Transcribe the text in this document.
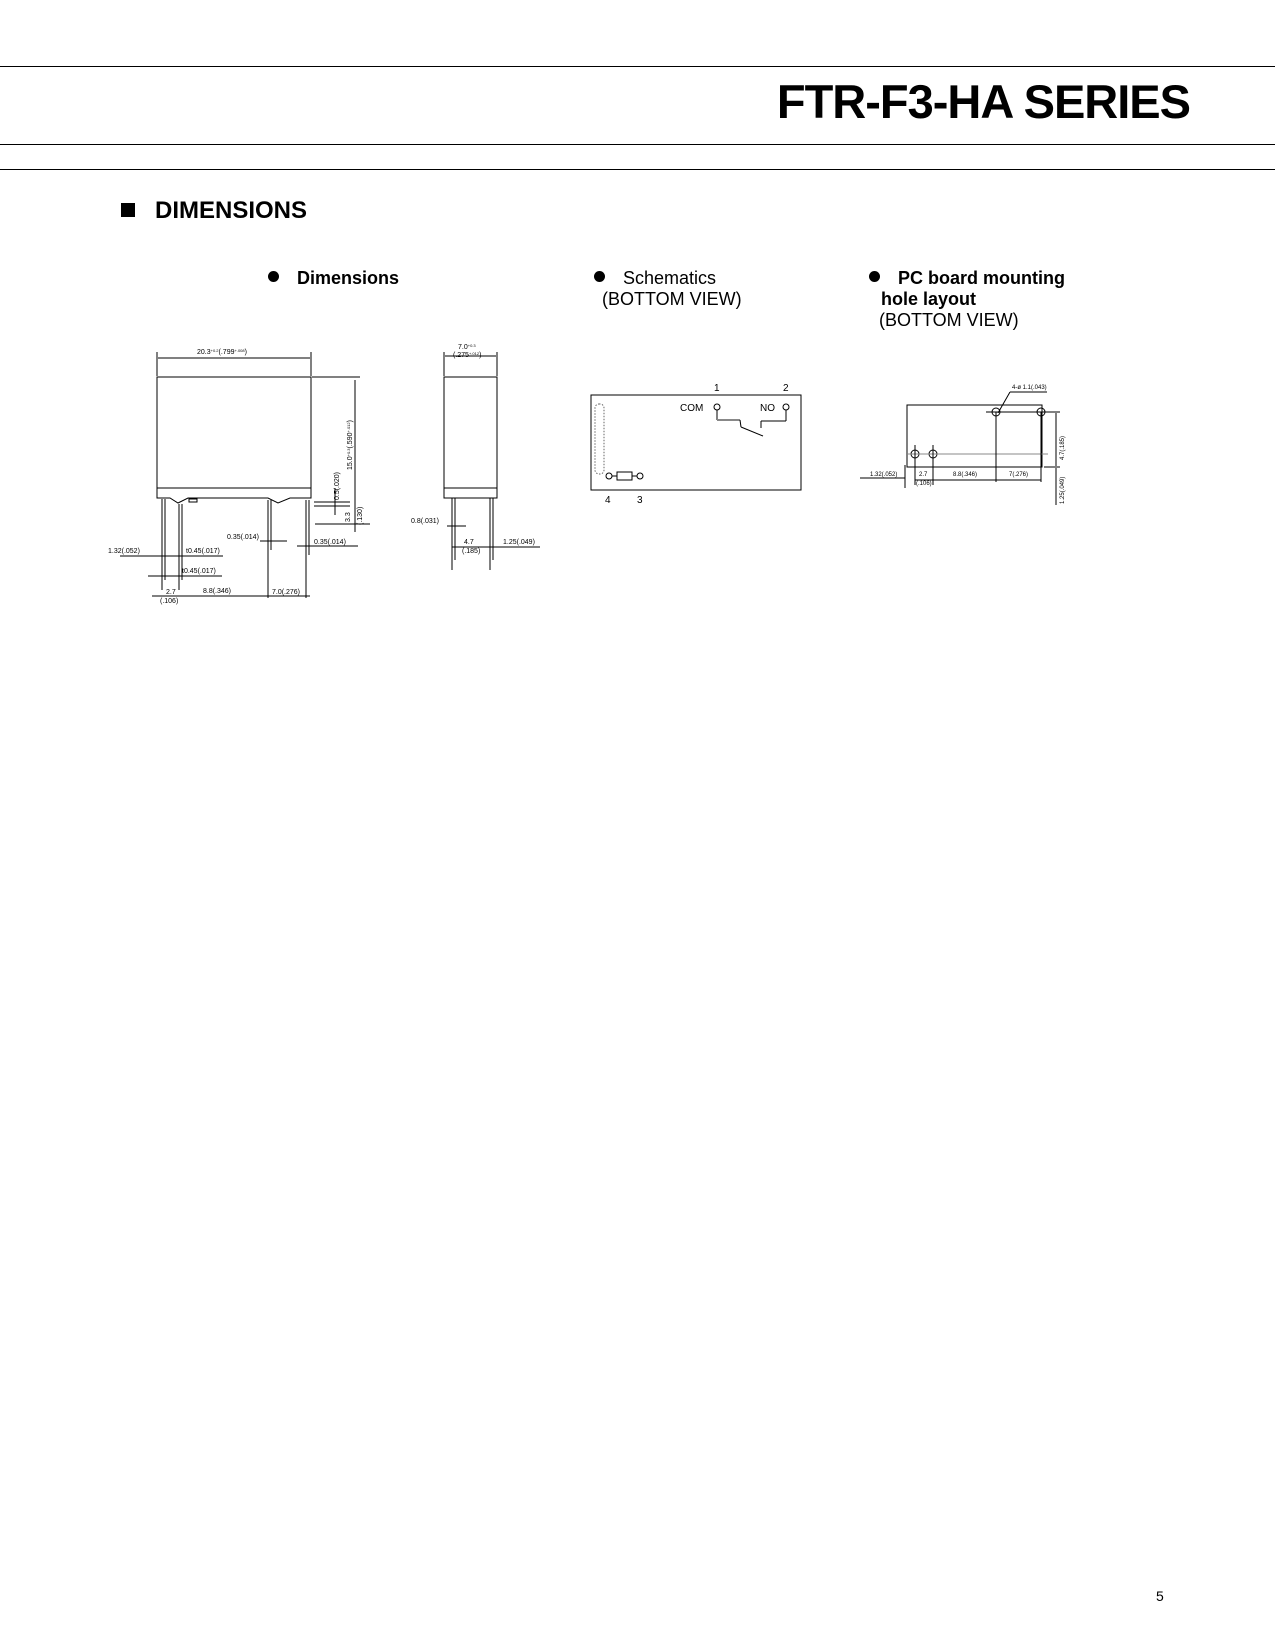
FTR-F3-HA SERIES
DIMENSIONS
Dimensions	Schematics
(BOTTOM VIEW)
PC board mounting
hole layout
(BOTTOM VIEW)
$20.3^{+0.2}(.799^{+.008})$
$15.0^{+0.3}(.590^{+.012})$
0.5(.020)
3.3 (.130)
0.35(.014)
0.35(.014)
1.32(.052)	t0.45(.017)
t0.45(.017)
2.7
(.106)
8.8(.346)	7.0(.276)
$7.0^{+0.3}$
$(.275^{+.012})$
0.8(.031)
4.7
(.185)
1.25(.049)
1	2
COM	NO
4	3
4-ø 1.1(.043)
1.32(.052)	2.7
(.106)
8.8(.346)	7(.276)
4.7(.185)
1.25(.049)
5
